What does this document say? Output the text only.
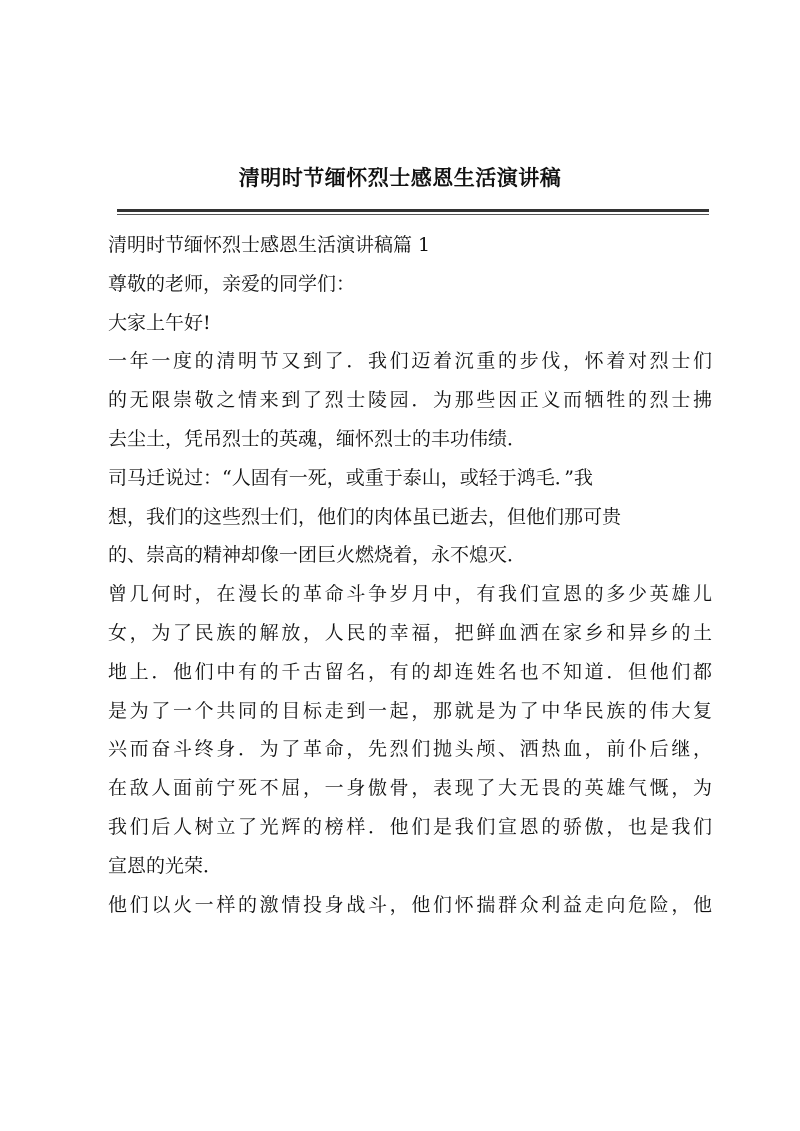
清明时节缅怀烈士感恩生活演讲稿

清明时节缅怀烈士感恩生活演讲稿篇 1

尊敬的老师，亲爱的同学们：

大家上午好!

一年一度的清明节又到了．我们迈着沉重的步伐，怀着对烈士们
的无限崇敬之情来到了烈士陵园．为那些因正义而牺牲的烈士拂
去尘土，凭吊烈士的英魂，缅怀烈士的丰功伟绩．

司马迁说过：“人固有一死，或重于泰山，或轻于鸿毛．”我
想，我们的这些烈士们，他们的肉体虽已逝去，但他们那可贵
的、崇高的精神却像一团巨火燃烧着，永不熄灭．

曾几何时，在漫长的革命斗争岁月中，有我们宣恩的多少英雄儿
女，为了民族的解放，人民的幸福，把鲜血洒在家乡和异乡的土
地上．他们中有的千古留名，有的却连姓名也不知道．但他们都
是为了一个共同的目标走到一起，那就是为了中华民族的伟大复
兴而奋斗终身．为了革命，先烈们抛头颅、洒热血，前仆后继，
在敌人面前宁死不屈，一身傲骨，表现了大无畏的英雄气慨，为
我们后人树立了光辉的榜样．他们是我们宣恩的骄傲，也是我们
宣恩的光荣．

他们以火一样的激情投身战斗，他们怀揣群众利益走向危险，他
